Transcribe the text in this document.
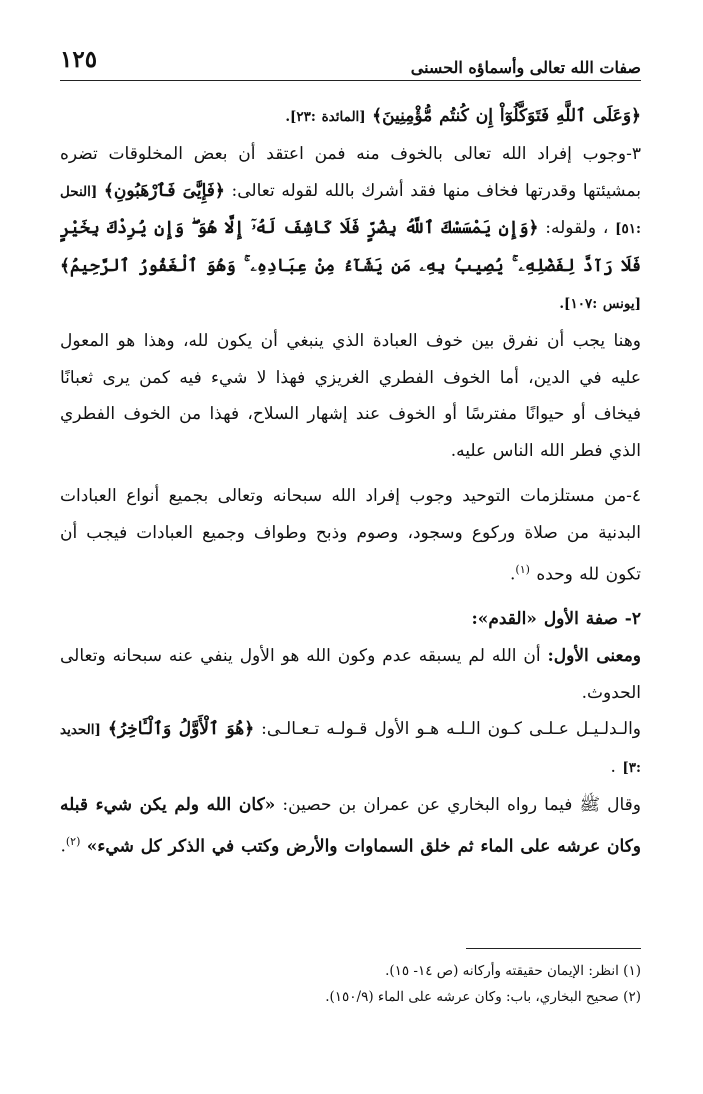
صفات الله تعالى وأسماؤه الحسنى
١٢٥

﴿وَعَلَى ٱللَّهِ فَتَوَكَّلُوٓاْ إِن كُنتُم مُّؤْمِنِينَ﴾ [المائدة :٢٣].

٣-وجوب إفراد الله تعالى بالخوف منه فمن اعتقد أن بعض المخلوقات تضره بمشيئتها وقدرتها فخاف منها فقد أشرك بالله لقوله تعالى: ﴿فَإِيَّٰىَ فَٱرْهَبُونِ﴾ [النحل :٥١] ، ولقوله: ﴿وَإِن يَمْسَسْكَ ٱللَّهُ بِضُرٍّ فَلَا كَاشِفَ لَهُۥٓ إِلَّا هُوَ ۖ وَإِن يُرِدْكَ بِخَيْرٍ فَلَا رَآدَّ لِفَضْلِهِۦ ۚ يُصِيبُ بِهِۦ مَن يَشَآءُ مِنْ عِبَادِهِۦ ۚ وَهُوَ ٱلْغَفُورُ ٱلرَّحِيمُ﴾ [يونس :١٠٧].

وهنا يجب أن نفرق بين خوف العبادة الذي ينبغي أن يكون لله، وهذا هو المعول عليه في الدين، أما الخوف الفطري الغريزي فهذا لا شيء فيه كمن يرى ثعبانًا فيخاف أو حيوانًا مفترسًا أو الخوف عند إشهار السلاح، فهذا من الخوف الفطري الذي فطر الله الناس عليه.

٤-من مستلزمات التوحيد وجوب إفراد الله سبحانه وتعالى بجميع أنواع العبادات البدنية من صلاة وركوع وسجود، وصوم وذبح وطواف وجميع العبادات فيجب أن تكون لله وحده $^{(١)}$.

٢- صفة الأول «القدم»:

ومعنى الأول: أن الله لم يسبقه عدم وكون الله هو الأول ينفي عنه سبحانه وتعالى الحدوث.

والـدلـيـل عـلـى كـون الـلـه هـو الأول قـولـه تـعـالـى: ﴿هُوَ ٱلْأَوَّلُ وَٱلْـَٔاخِرُ﴾ [الحديد :٣] .

وقال ﷺ فيما رواه البخاري عن عمران بن حصين: «كان الله ولم يكن شيء قبله وكان عرشه على الماء ثم خلق السماوات والأرض وكتب في الذكر كل شيء» $^{(٢)}$.

(١) انظر: الإيمان حقيقته وأركانه (ص ١٤- ١٥).

(٢) صحيح البخاري، باب: وكان عرشه على الماء (١٥٠/٩).
